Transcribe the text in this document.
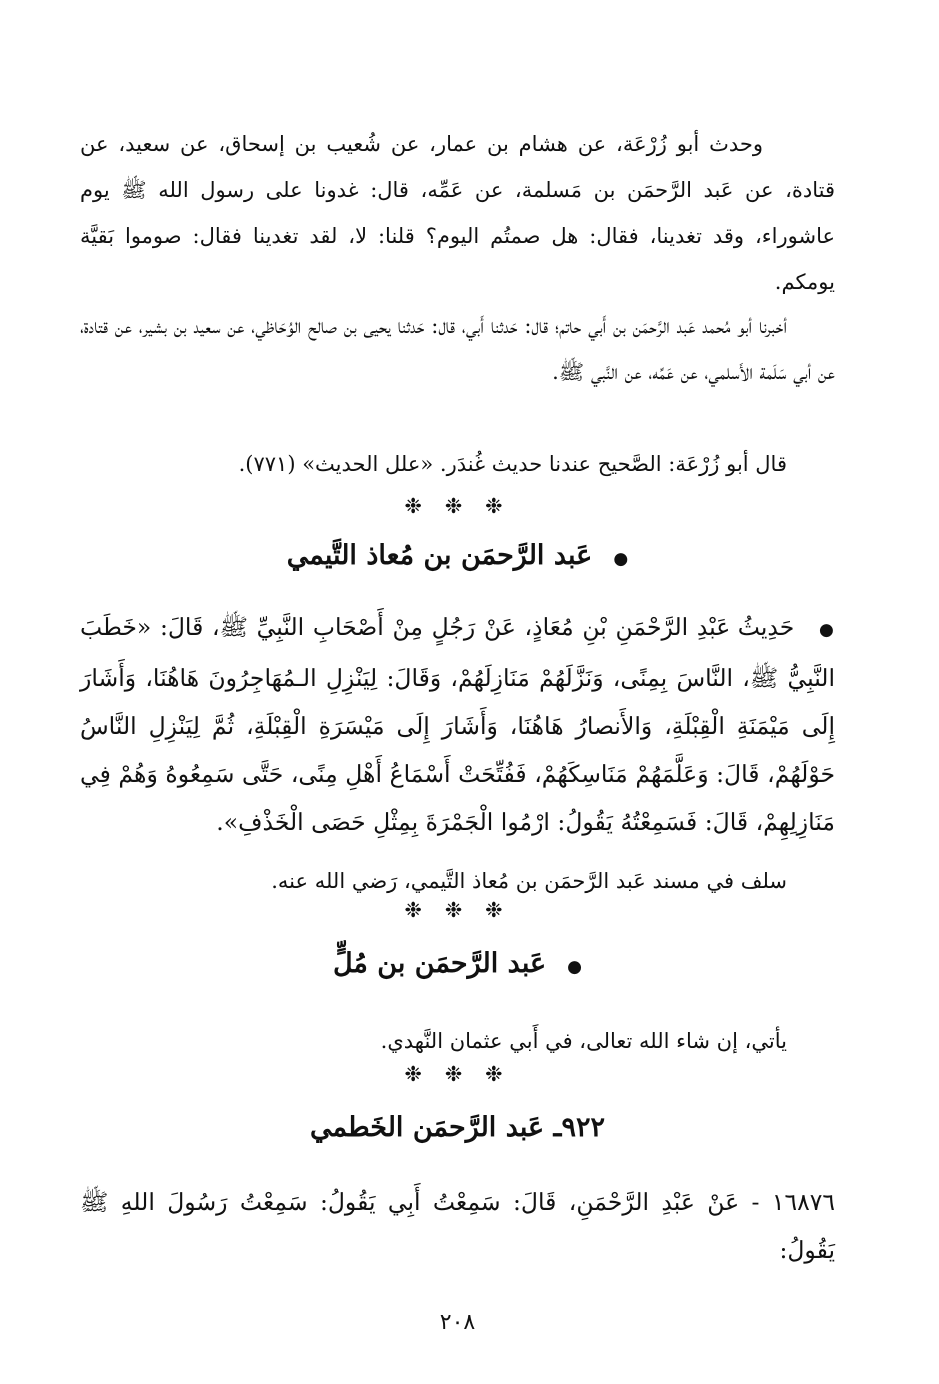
وحدث أبو زُرْعَة، عن هشام بن عمار، عن شُعيب بن إسحاق، عن سعيد، عن قتادة، عن عَبد الرَّحمَن بن مَسلمة، عن عَمِّه، قال: غدونا على رسول الله ﷺ يوم عاشوراء، وقد تغدينا، فقال: هل صمتُم اليوم؟ قلنا: لا، لقد تغدينا فقال: صوموا بَقيَّة يومكم.

أخبرنا أبو مُحمد عَبد الرَّحمَن بن أَبي حاتم؛ قال: حَدثنا أَبي، قال: حَدثنا يحيى بن صالح الوُحَاظي، عن سعيد بن بشير، عن قتادة، عن أبي سَلَمة الأَسلمي، عن عَمِّه، عن النَّبي ﷺ.

قال أبو زُرْعَة: الصَّحيح عندنا حديث غُندَر. «علل الحديث» (٧٧١).

❉ ❉ ❉

● عَبد الرَّحمَن بن مُعاذ التَّيمي

● حَدِيثُ عَبْدِ الرَّحْمَنِ بْنِ مُعَاذٍ، عَنْ رَجُلٍ مِنْ أَصْحَابِ النَّبِيِّ ﷺ، قَالَ: «خَطَبَ النَّبِيُّ ﷺ، النَّاسَ بِمِنًى، وَنَزَّلَهُمْ مَنَازِلَهُمْ، وَقَالَ: لِيَنْزِلِ الـمُهَاجِرُونَ هَاهُنَا، وَأَشَارَ إِلَى مَيْمَنَةِ الْقِبْلَةِ، وَالأَنصارُ هَاهُنَا، وَأَشَارَ إِلَى مَيْسَرَةِ الْقِبْلَةِ، ثُمَّ لِيَنْزِلِ النَّاسُ حَوْلَهُمْ، قَالَ: وَعَلَّمَهُمْ مَنَاسِكَهُمْ، فَفُتِّحَتْ أَسْمَاعُ أَهْلِ مِنًى، حَتَّى سَمِعُوهُ وَهُمْ فِي مَنَازِلِهِمْ، قَالَ: فَسَمِعْتُهُ يَقُولُ: ارْمُوا الْجَمْرَةَ بِمِثْلِ حَصَى الْخَذْفِ».

سلف في مسند عَبد الرَّحمَن بن مُعاذ التَّيمي، رَضي الله عنه.

❉ ❉ ❉

● عَبد الرَّحمَن بن مُلٍّ

يأتي، إن شاء الله تعالى، في أَبي عثمان النَّهدي.

❉ ❉ ❉

٩٢٢ـ عَبد الرَّحمَن الخَطمي

١٦٨٧٦ - عَنْ عَبْدِ الرَّحْمَنِ، قَالَ: سَمِعْتُ أَبِي يَقُولُ: سَمِعْتُ رَسُولَ اللهِ ﷺ يَقُولُ:

٢٠٨
